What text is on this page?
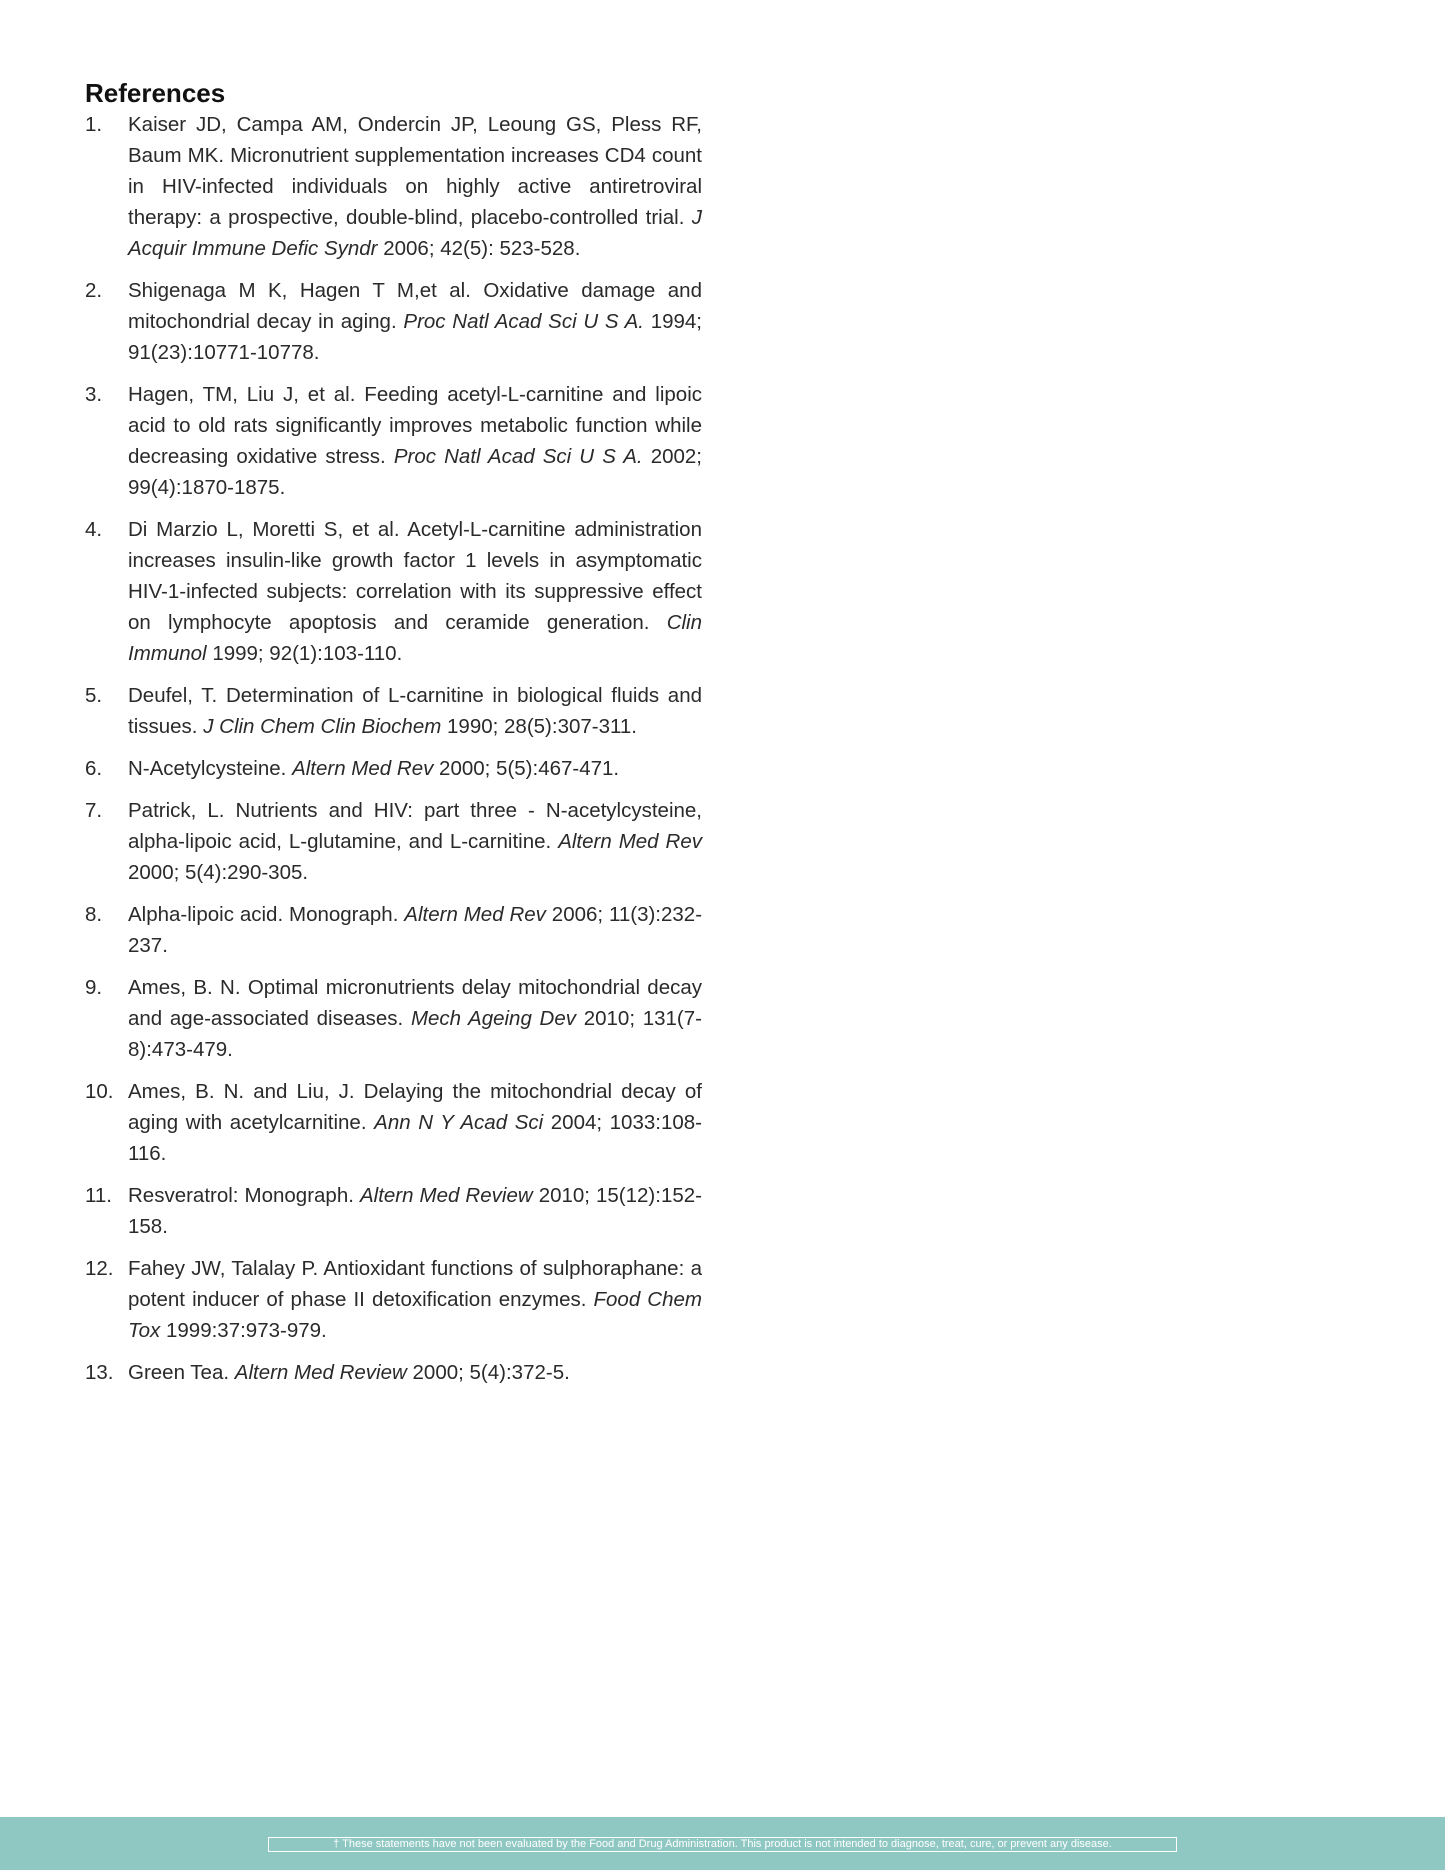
References
1. Kaiser JD, Campa AM, Ondercin JP, Leoung GS, Pless RF, Baum MK. Micronutrient supplementation increases CD4 count in HIV-infected individuals on highly active antiretroviral therapy: a prospective, double-blind, placebo-controlled trial. J Acquir Immune Defic Syndr 2006; 42(5): 523-528.
2. Shigenaga M K, Hagen T M,et al. Oxidative damage and mitochondrial decay in aging. Proc Natl Acad Sci U S A. 1994; 91(23):10771-10778.
3. Hagen, TM, Liu J, et al. Feeding acetyl-L-carnitine and lipoic acid to old rats significantly improves metabolic function while decreasing oxidative stress. Proc Natl Acad Sci U S A. 2002; 99(4):1870-1875.
4. Di Marzio L, Moretti S, et al. Acetyl-L-carnitine administration increases insulin-like growth factor 1 levels in asymptomatic HIV-1-infected subjects: correlation with its suppressive effect on lymphocyte apoptosis and ceramide generation. Clin Immunol 1999; 92(1):103-110.
5. Deufel, T. Determination of L-carnitine in biological fluids and tissues. J Clin Chem Clin Biochem 1990; 28(5):307-311.
6. N-Acetylcysteine. Altern Med Rev 2000; 5(5):467-471.
7. Patrick, L. Nutrients and HIV: part three - N-acetylcysteine, alpha-lipoic acid, L-glutamine, and L-carnitine. Altern Med Rev 2000; 5(4):290-305.
8. Alpha-lipoic acid. Monograph. Altern Med Rev 2006; 11(3):232-237.
9. Ames, B. N. Optimal micronutrients delay mitochondrial decay and age-associated diseases. Mech Ageing Dev 2010; 131(7-8):473-479.
10. Ames, B. N. and Liu, J. Delaying the mitochondrial decay of aging with acetylcarnitine. Ann N Y Acad Sci 2004; 1033:108-116.
11. Resveratrol: Monograph. Altern Med Review 2010; 15(12):152-158.
12. Fahey JW, Talalay P. Antioxidant functions of sulphoraphane: a potent inducer of phase II detoxification enzymes. Food Chem Tox 1999:37:973-979.
13. Green Tea. Altern Med Review 2000; 5(4):372-5.
† These statements have not been evaluated by the Food and Drug Administration. This product is not intended to diagnose, treat, cure, or prevent any disease.
